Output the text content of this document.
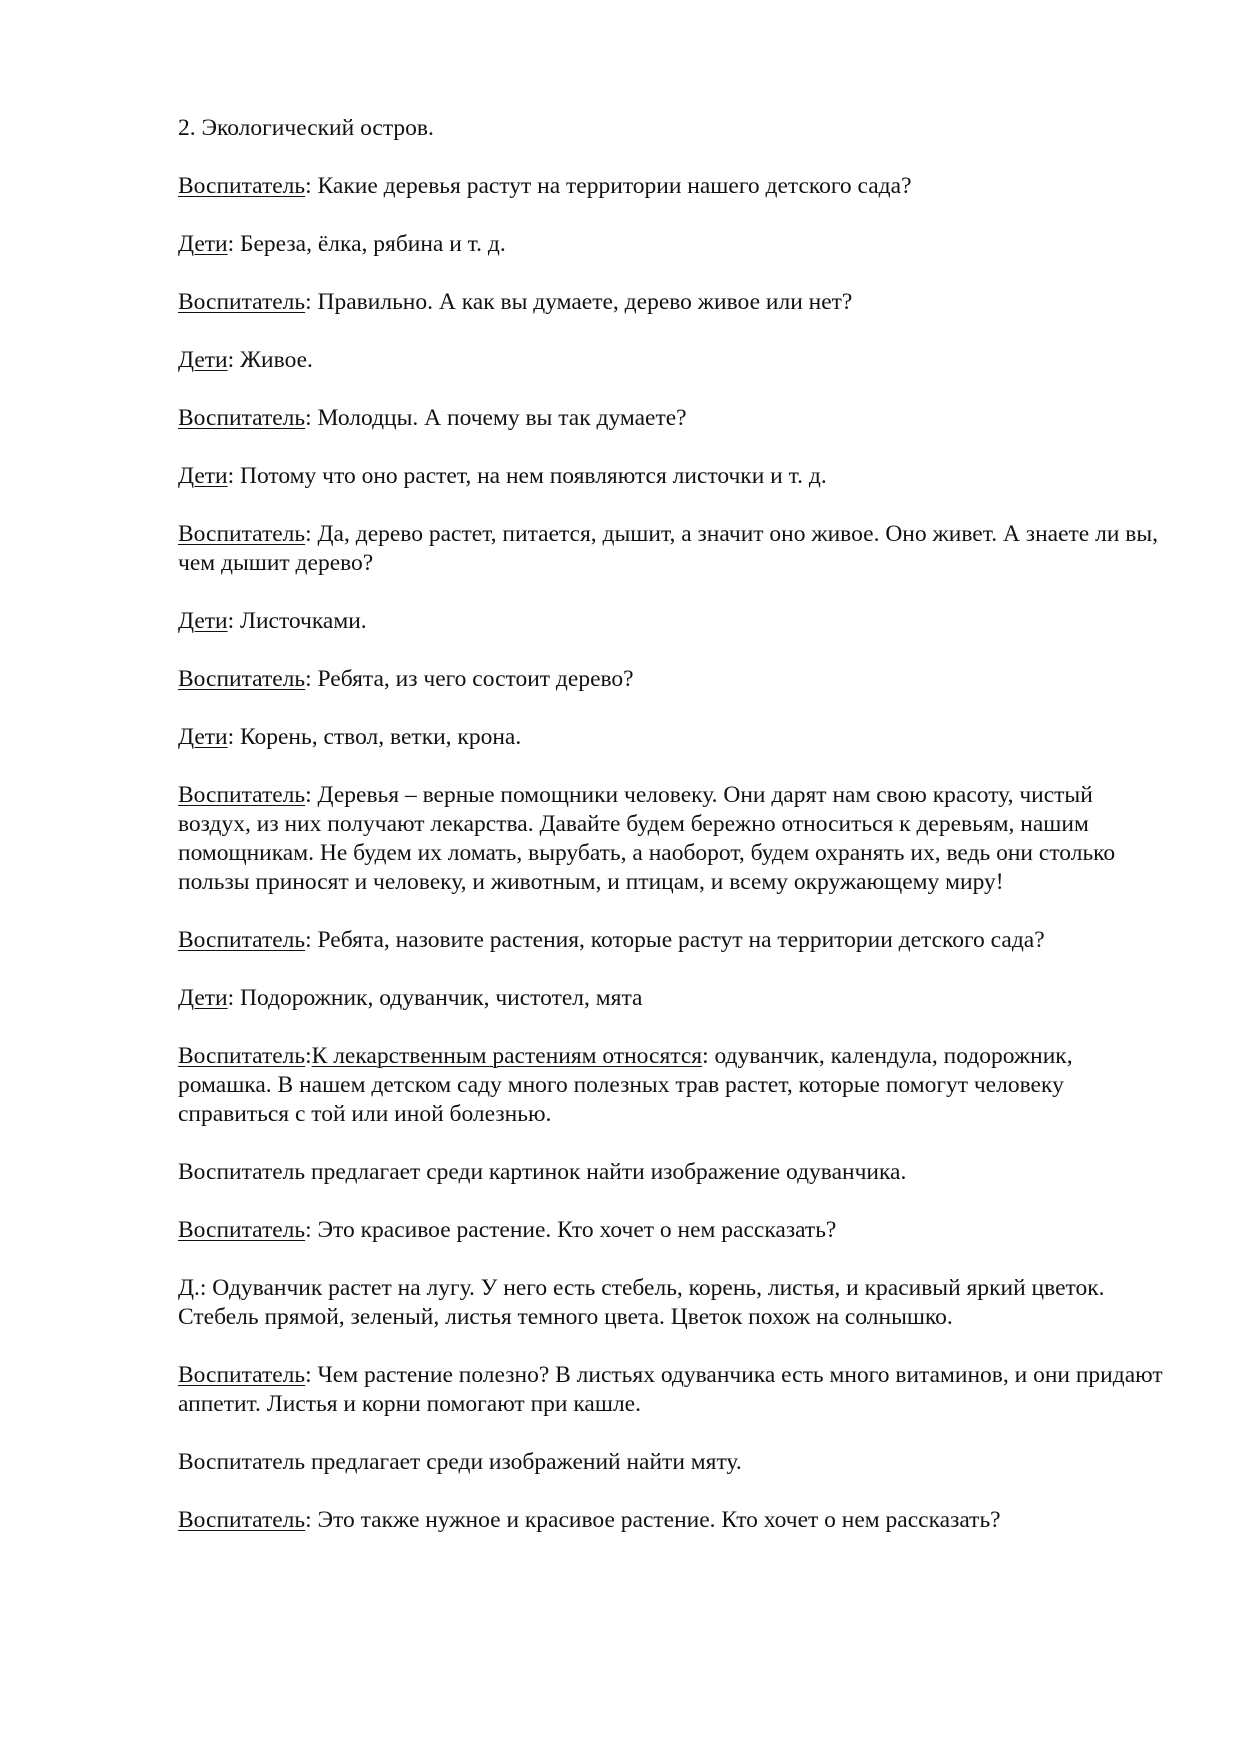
2. Экологический остров.

Воспитатель: Какие деревья растут на территории нашего детского сада?

Дети: Береза, ёлка, рябина и т. д.

Воспитатель: Правильно. А как вы думаете, дерево живое или нет?

Дети: Живое.

Воспитатель: Молодцы. А почему вы так думаете?

Дети: Потому что оно растет, на нем появляются листочки и т. д.

Воспитатель: Да, дерево растет, питается, дышит, а значит оно живое. Оно живет. А знаете ли вы, чем дышит дерево?

Дети: Листочками.

Воспитатель: Ребята, из чего состоит дерево?

Дети: Корень, ствол, ветки, крона.

Воспитатель: Деревья – верные помощники человеку. Они дарят нам свою красоту, чистый воздух, из них получают лекарства. Давайте будем бережно относиться к деревьям, нашим помощникам. Не будем их ломать, вырубать, а наоборот, будем охранять их, ведь они столько пользы приносят и человеку, и животным, и птицам, и всему окружающему миру!

Воспитатель: Ребята, назовите растения, которые растут на территории детского сада?

Дети: Подорожник, одуванчик, чистотел, мята

Воспитатель:К лекарственным растениям относятся: одуванчик, календула, подорожник, ромашка. В нашем детском саду много полезных трав растет, которые помогут человеку справиться с той или иной болезнью.

Воспитатель предлагает среди картинок найти изображение одуванчика.

Воспитатель: Это красивое растение. Кто хочет о нем рассказать?

Д.: Одуванчик растет на лугу. У него есть стебель, корень, листья, и красивый яркий цветок. Стебель прямой, зеленый, листья темного цвета. Цветок похож на солнышко.

Воспитатель: Чем растение полезно? В листьях одуванчика есть много витаминов, и они придают аппетит. Листья и корни помогают при кашле.

Воспитатель предлагает среди изображений найти мяту.

Воспитатель: Это также нужное и красивое растение. Кто хочет о нем рассказать?
